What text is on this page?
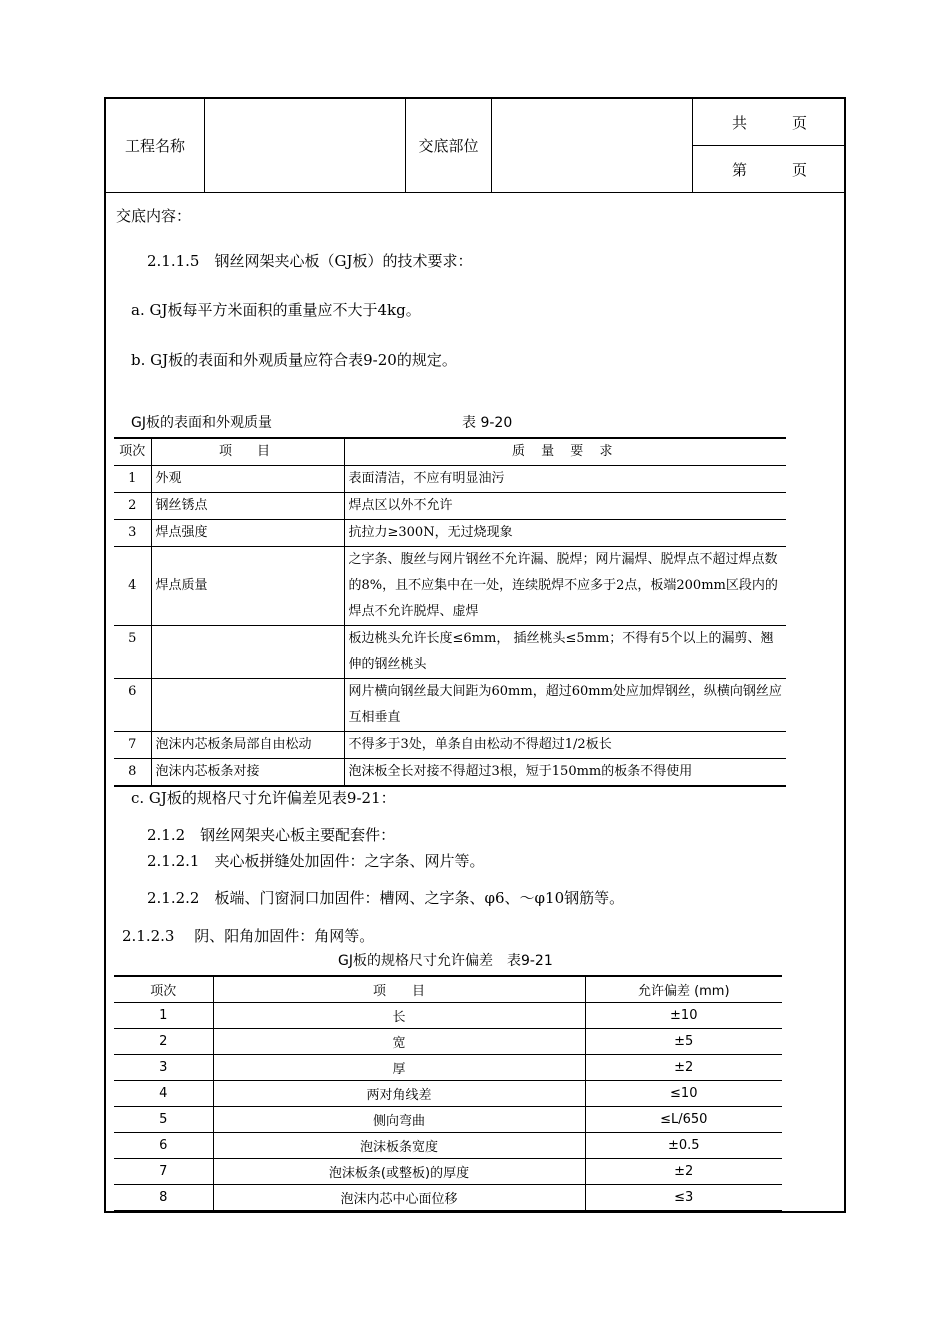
工程名称	交底部位
共　　　页
第　　　页
交底内容：
2.1.1.5　钢丝网架夹心板（GJ板）的技术要求：
a. GJ板每平方米面积的重量应不大于4kg。
b. GJ板的表面和外观质量应符合表9-20的规定。
GJ板的表面和外观质量	表 9-20
项次	项　目	质 量 要 求
1	外观	表面清洁，不应有明显油污
2	钢丝锈点	焊点区以外不允许
3	焊点强度	抗拉力≥300N，无过烧现象
4	焊点质量	之字条、腹丝与网片钢丝不允许漏、脱焊；网片漏焊、脱焊点不超过焊点数的8%，且不应集中在一处，连续脱焊不应多于2点，板端200mm区段内的焊点不允许脱焊、虚焊
5		板边桃头允许长度≤6mm， 插丝桃头≤5mm；不得有5个以上的漏剪、翘伸的钢丝桃头
6		网片横向钢丝最大间距为60mm，超过60mm处应加焊钢丝，纵横向钢丝应互相垂直
7	泡沫内芯板条局部自由松动	不得多于3处，单条自由松动不得超过1/2板长
8	泡沫内芯板条对接	泡沫板全长对接不得超过3根，短于150mm的板条不得使用
c. GJ板的规格尺寸允许偏差见表9-21：
2.1.2　钢丝网架夹心板主要配套件：
2.1.2.1　夹心板拼缝处加固件：之字条、网片等。
2.1.2.2　板端、门窗洞口加固件：槽网、之字条、φ6、～φ10钢筋等。
2.1.2.3　 阴、阳角加固件：角网等。
GJ板的规格尺寸允许偏差　表9-21
项次	项　　目	允许偏差 (mm)
1	长	±10
2	宽	±5
3	厚	±2
4	两对角线差	≤10
5	侧向弯曲	≤L/650
6	泡沫板条宽度	±0.5
7	泡沫板条(或整板)的厚度	±2
8	泡沫内芯中心面位移	≤3
